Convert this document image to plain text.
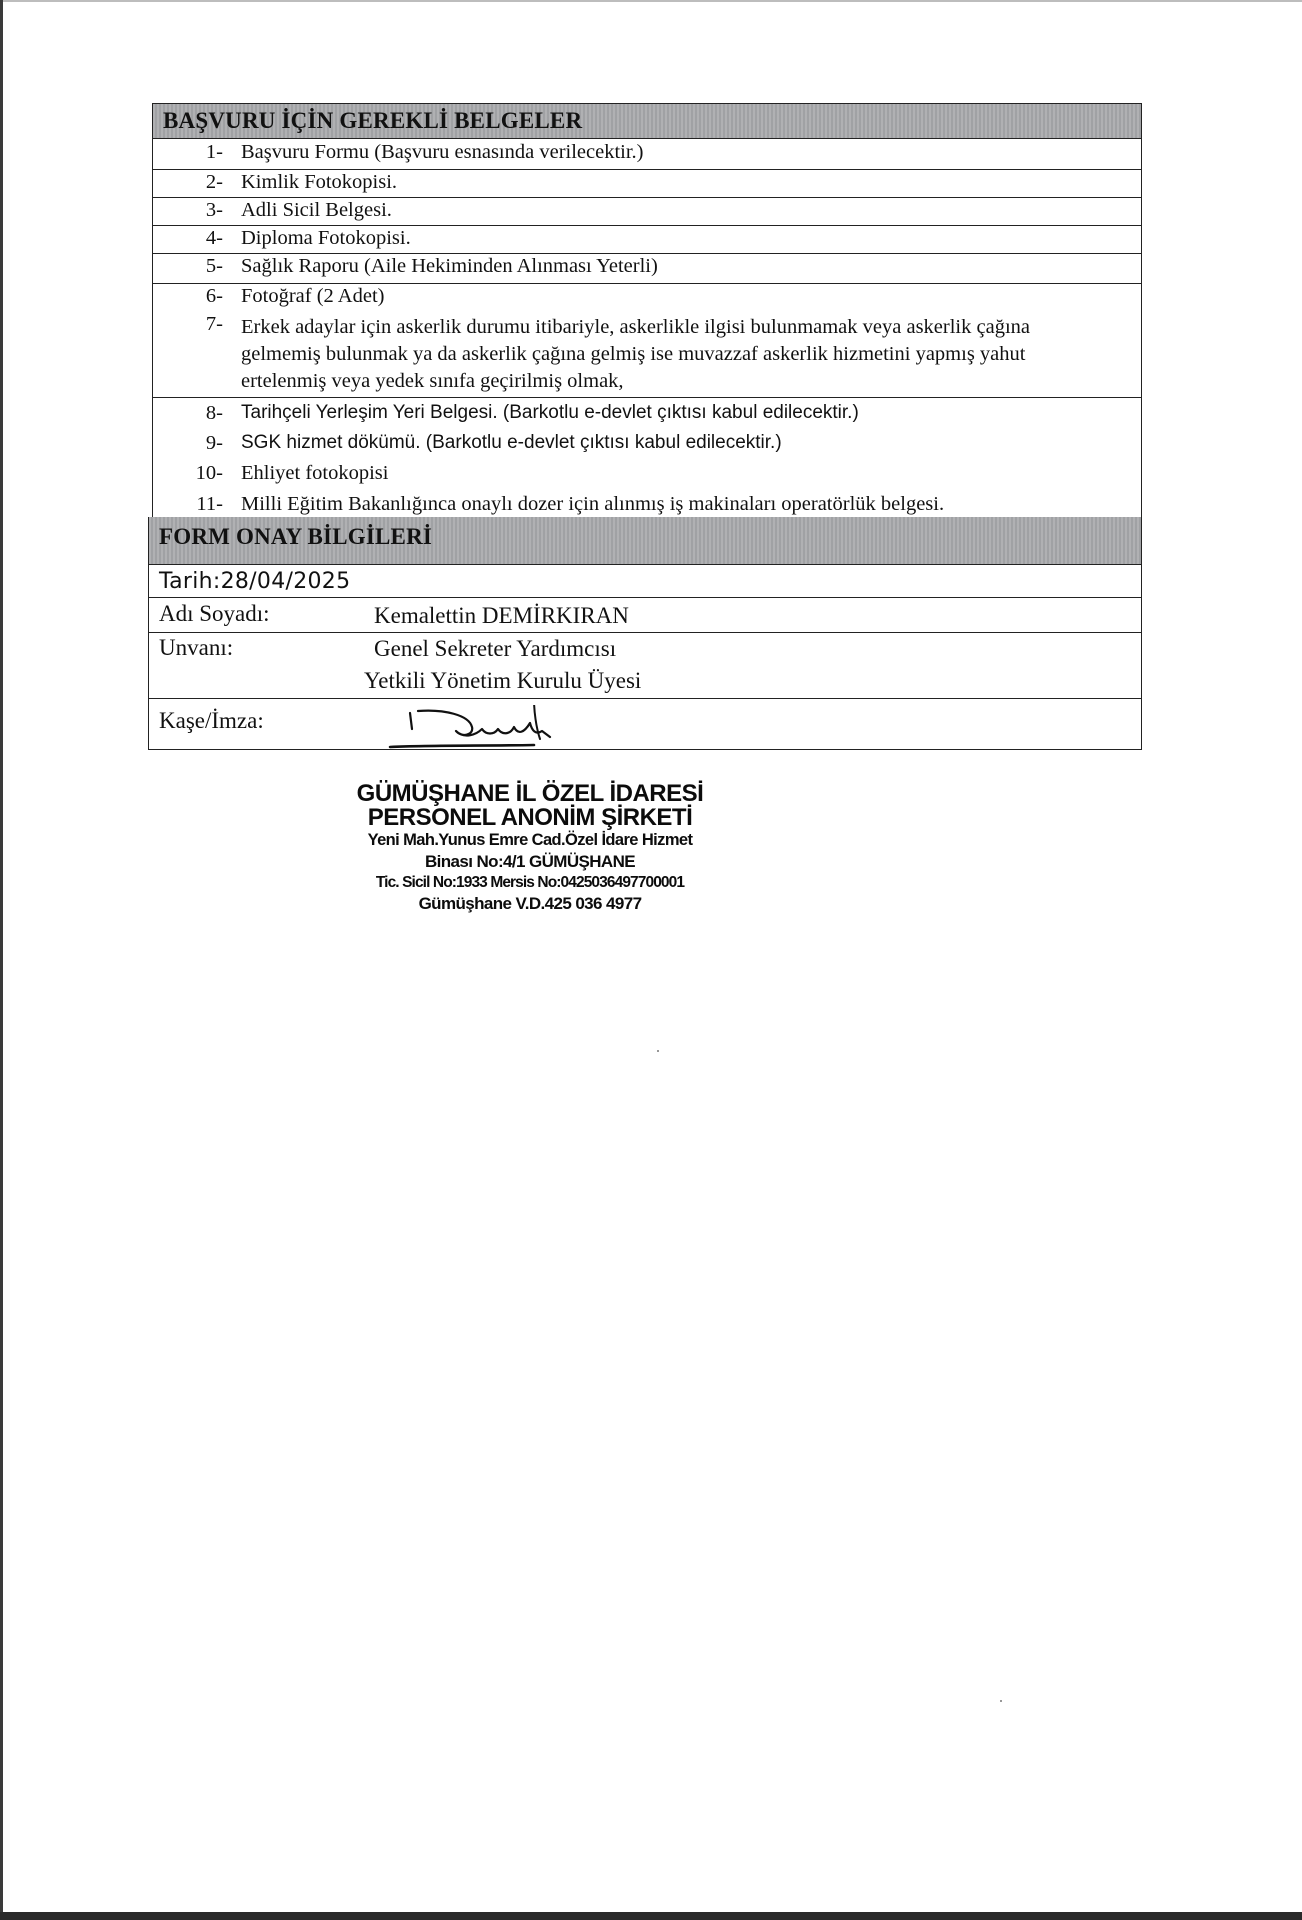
BAŞVURU İÇİN GEREKLİ BELGELER
1- Başvuru Formu (Başvuru esnasında verilecektir.)
2- Kimlik Fotokopisi.
3- Adli Sicil Belgesi.
4- Diploma Fotokopisi.
5- Sağlık Raporu (Aile Hekiminden Alınması Yeterli)
6- Fotoğraf (2 Adet)
7- Erkek adaylar için askerlik durumu itibariyle, askerlikle ilgisi bulunmamak veya askerlik çağına gelmemiş bulunmak ya da askerlik çağına gelmiş ise muvazzaf askerlik hizmetini yapmış yahut ertelenmiş veya yedek sınıfa geçirilmiş olmak,
8- Tarihçeli Yerleşim Yeri Belgesi. (Barkotlu e-devlet çıktısı kabul edilecektir.)
9- SGK hizmet dökümü. (Barkotlu e-devlet çıktısı kabul edilecektir.)
10- Ehliyet fotokopisi
11- Milli Eğitim Bakanlığınca onaylı dozer için alınmış iş makinaları operatörlük belgesi.
FORM ONAY BİLGİLERİ
Tarih:28/04/2025
Adı Soyadı:	Kemalettin DEMİRKIRAN
Unvanı:	Genel Sekreter Yardımcısı
Yetkili Yönetim Kurulu Üyesi
Kaşe/İmza:
GÜMÜŞHANE İL ÖZEL İDARESİ
PERSONEL ANONİM ŞİRKETİ
Yeni Mah.Yunus Emre Cad.Özel İdare Hizmet
Binası No:4/1 GÜMÜŞHANE
Tic. Sicil No:1933 Mersis No:0425036497700001
Gümüşhane V.D.425 036 4977
